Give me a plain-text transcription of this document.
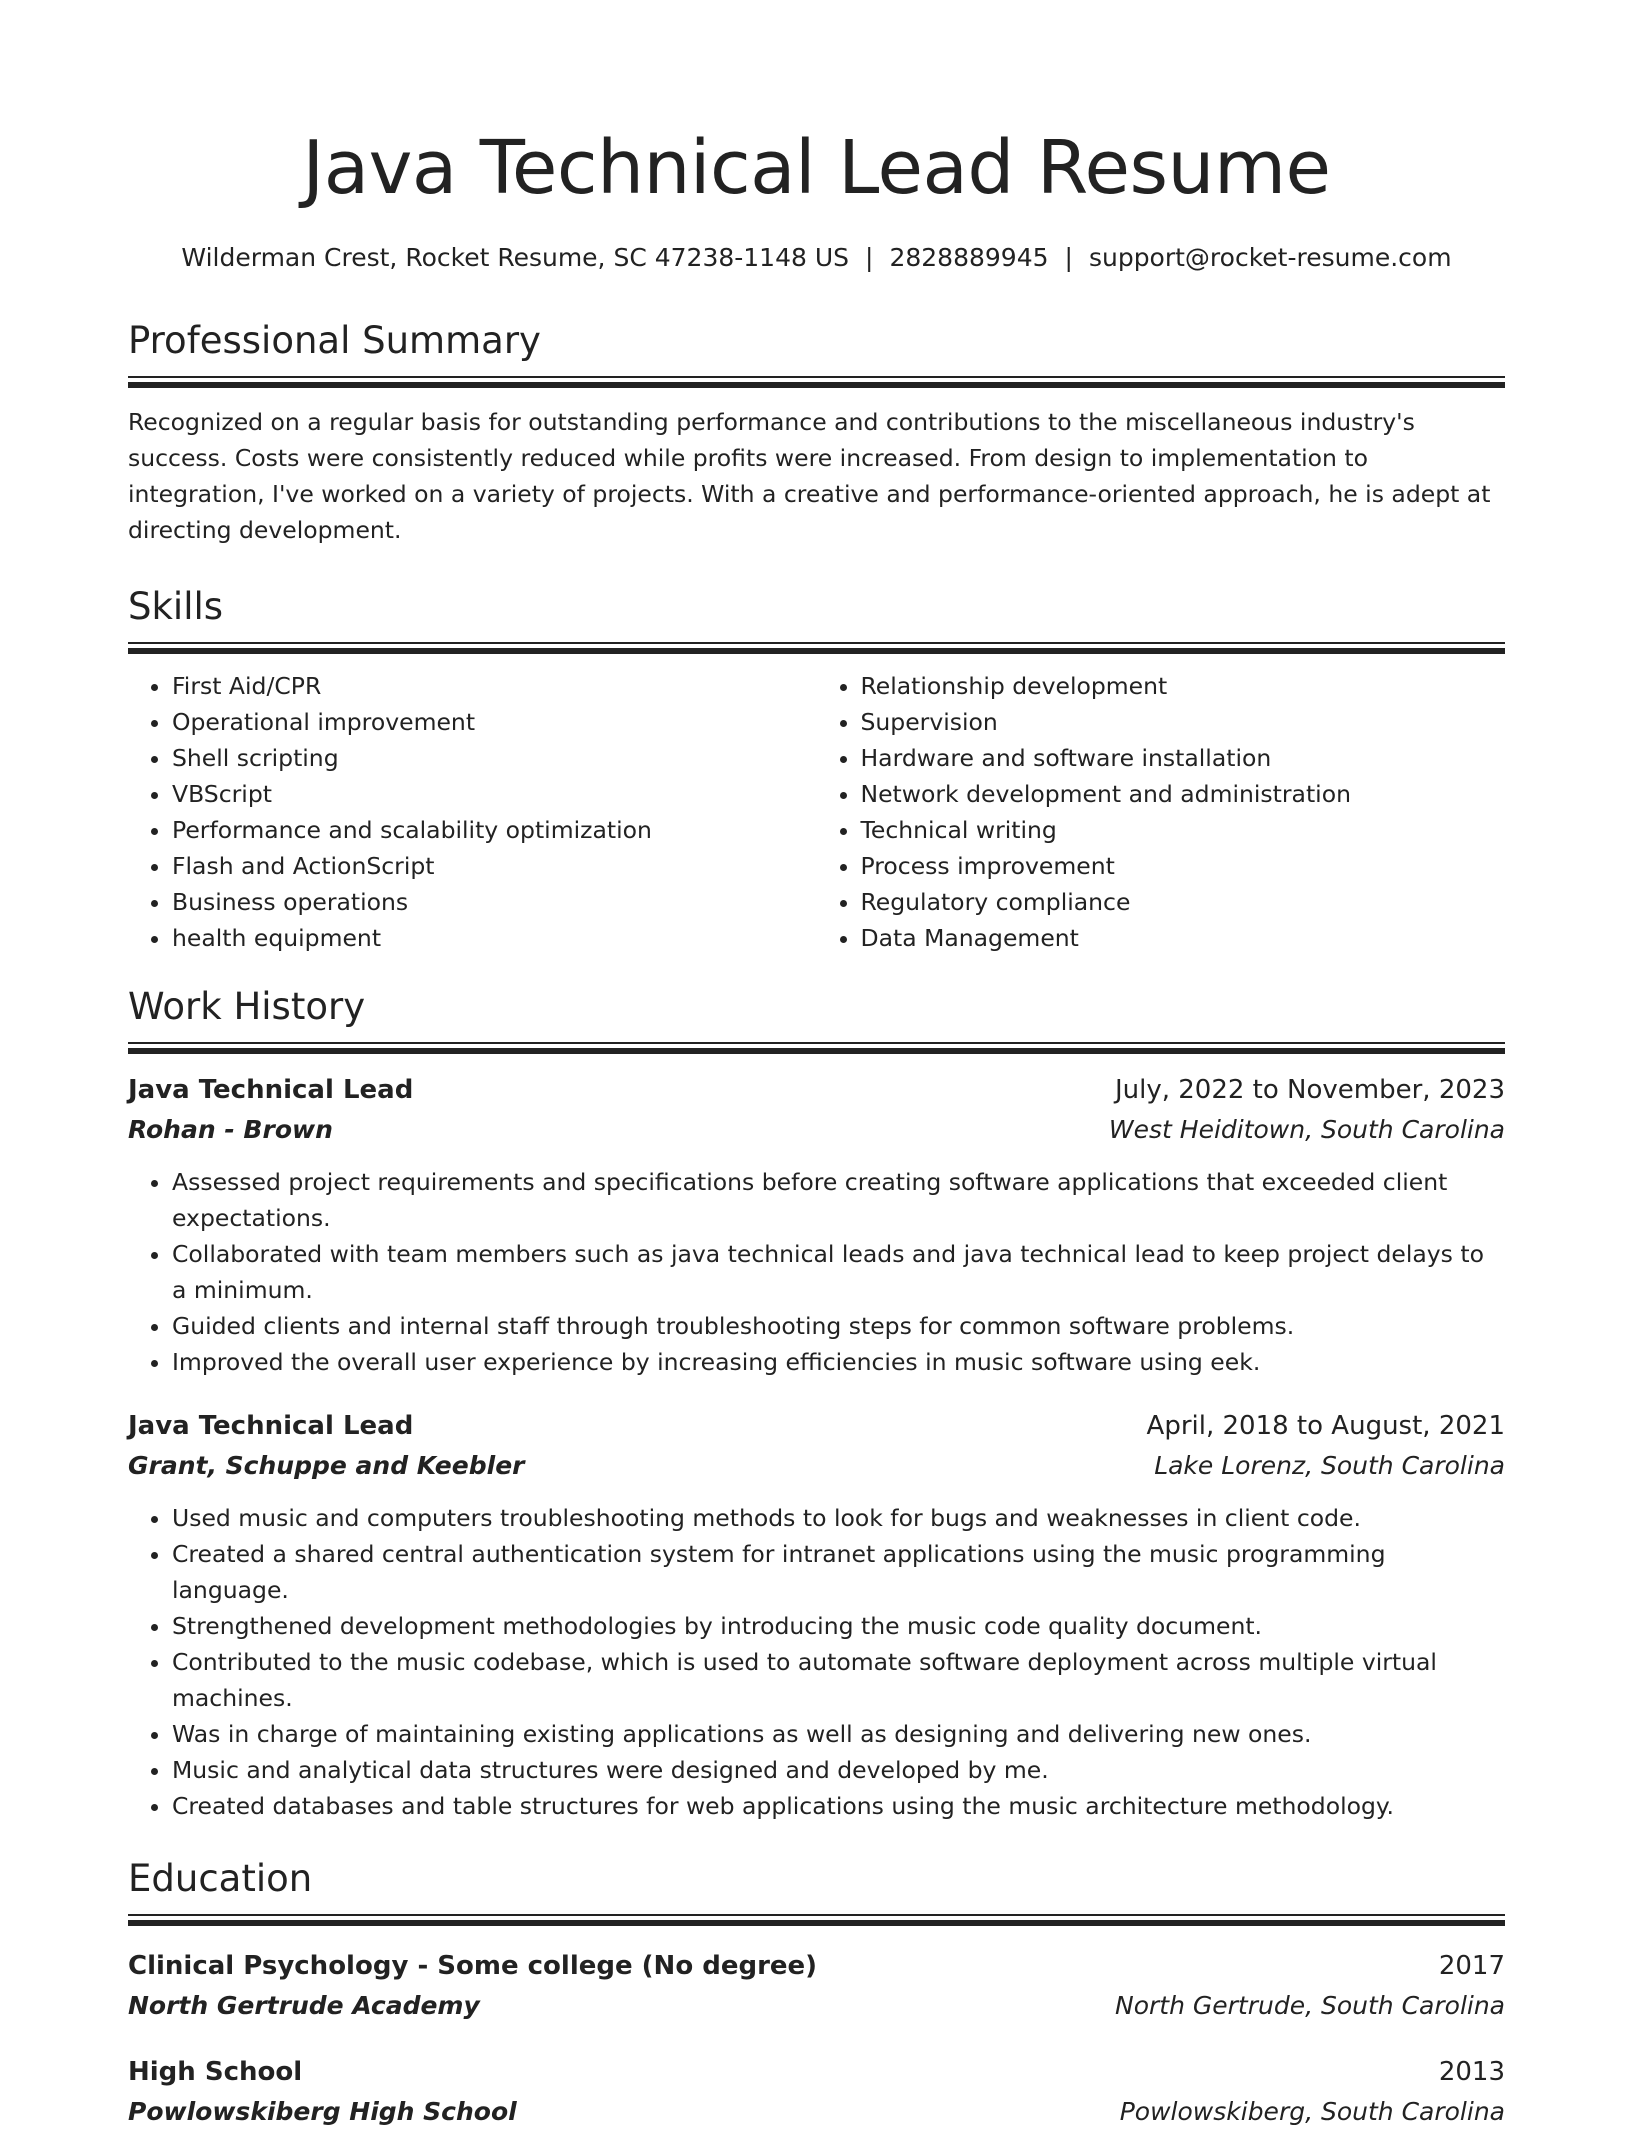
Java Technical Lead Resume
Wilderman Crest, Rocket Resume, SC 47238-1148 US | 2828889945 | support@rocket-resume.com
Professional Summary
Recognized on a regular basis for outstanding performance and contributions to the miscellaneous industry's success. Costs were consistently reduced while profits were increased. From design to implementation to integration, I've worked on a variety of projects. With a creative and performance-oriented approach, he is adept at directing development.
Skills
• First Aid/CPR
• Operational improvement
• Shell scripting
• VBScript
• Performance and scalability optimization
• Flash and ActionScript
• Business operations
• health equipment
• Relationship development
• Supervision
• Hardware and software installation
• Network development and administration
• Technical writing
• Process improvement
• Regulatory compliance
• Data Management
Work History
Java Technical Lead	July, 2022 to November, 2023
Rohan - Brown	West Heiditown, South Carolina
• Assessed project requirements and specifications before creating software applications that exceeded client expectations.
• Collaborated with team members such as java technical leads and java technical lead to keep project delays to a minimum.
• Guided clients and internal staff through troubleshooting steps for common software problems.
• Improved the overall user experience by increasing efficiencies in music software using eek.
Java Technical Lead	April, 2018 to August, 2021
Grant, Schuppe and Keebler	Lake Lorenz, South Carolina
• Used music and computers troubleshooting methods to look for bugs and weaknesses in client code.
• Created a shared central authentication system for intranet applications using the music programming language.
• Strengthened development methodologies by introducing the music code quality document.
• Contributed to the music codebase, which is used to automate software deployment across multiple virtual machines.
• Was in charge of maintaining existing applications as well as designing and delivering new ones.
• Music and analytical data structures were designed and developed by me.
• Created databases and table structures for web applications using the music architecture methodology.
Education
Clinical Psychology - Some college (No degree)	2017
North Gertrude Academy	North Gertrude, South Carolina
High School	2013
Powlowskiberg High School	Powlowskiberg, South Carolina
